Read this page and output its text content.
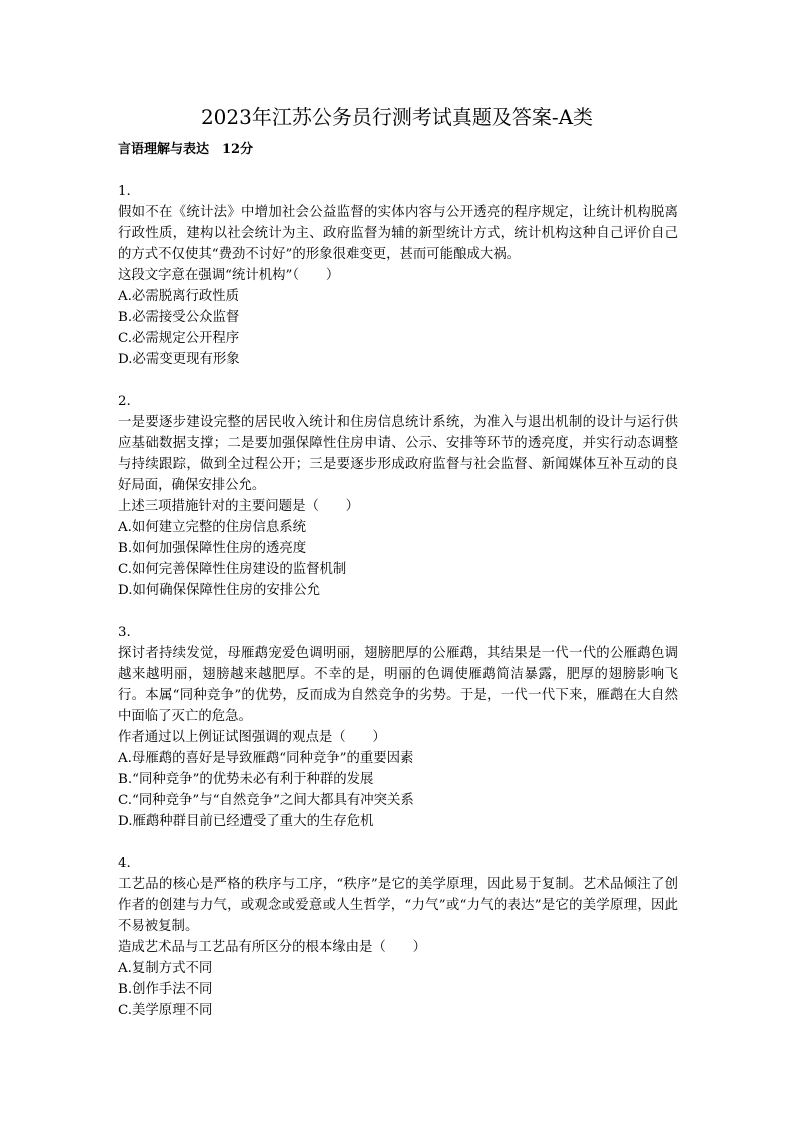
2023年江苏公务员行测考试真题及答案-A类
言语理解与表达　12分
1.
假如不在《统计法》中增加社会公益监督的实体内容与公开透亮的程序规定，让统计机构脱离行政性质，建构以社会统计为主、政府监督为辅的新型统计方式，统计机构这种自己评价自己的方式不仅使其“费劲不讨好”的形象很难变更，甚而可能酿成大祸。
这段文字意在强调“统计机构”（　　）
A.必需脱离行政性质
B.必需接受公众监督
C.必需规定公开程序
D.必需变更现有形象
2.
一是要逐步建设完整的居民收入统计和住房信息统计系统，为准入与退出机制的设计与运行供应基础数据支撑；二是要加强保障性住房申请、公示、安排等环节的透亮度，并实行动态调整与持续跟踪，做到全过程公开；三是要逐步形成政府监督与社会监督、新闻媒体互补互动的良好局面，确保安排公允。
上述三项措施针对的主要问题是（　　）
A.如何建立完整的住房信息系统
B.如何加强保障性住房的透亮度
C.如何完善保障性住房建设的监督机制
D.如何确保保障性住房的安排公允
3.
探讨者持续发觉，母雁鹉宠爱色调明丽，翅膀肥厚的公雁鹉，其结果是一代一代的公雁鹉色调越来越明丽，翅膀越来越肥厚。不幸的是，明丽的色调使雁鹉简洁暴露，肥厚的翅膀影响飞行。本属“同种竞争”的优势，反而成为自然竞争的劣势。于是，一代一代下来，雁鹉在大自然中面临了灭亡的危急。
作者通过以上例证试图强调的观点是（　　）
A.母雁鹉的喜好是导致雁鹉“同种竞争”的重要因素
B.“同种竞争”的优势未必有利于种群的发展
C.“同种竞争”与“自然竞争”之间大都具有冲突关系
D.雁鹉种群目前已经遭受了重大的生存危机
4.
工艺品的核心是严格的秩序与工序，“秩序”是它的美学原理，因此易于复制。艺术品倾注了创作者的创建与力气，或观念或爱意或人生哲学，“力气”或“力气的表达”是它的美学原理，因此不易被复制。
造成艺术品与工艺品有所区分的根本缘由是（　　）
A.复制方式不同
B.创作手法不同
C.美学原理不同
